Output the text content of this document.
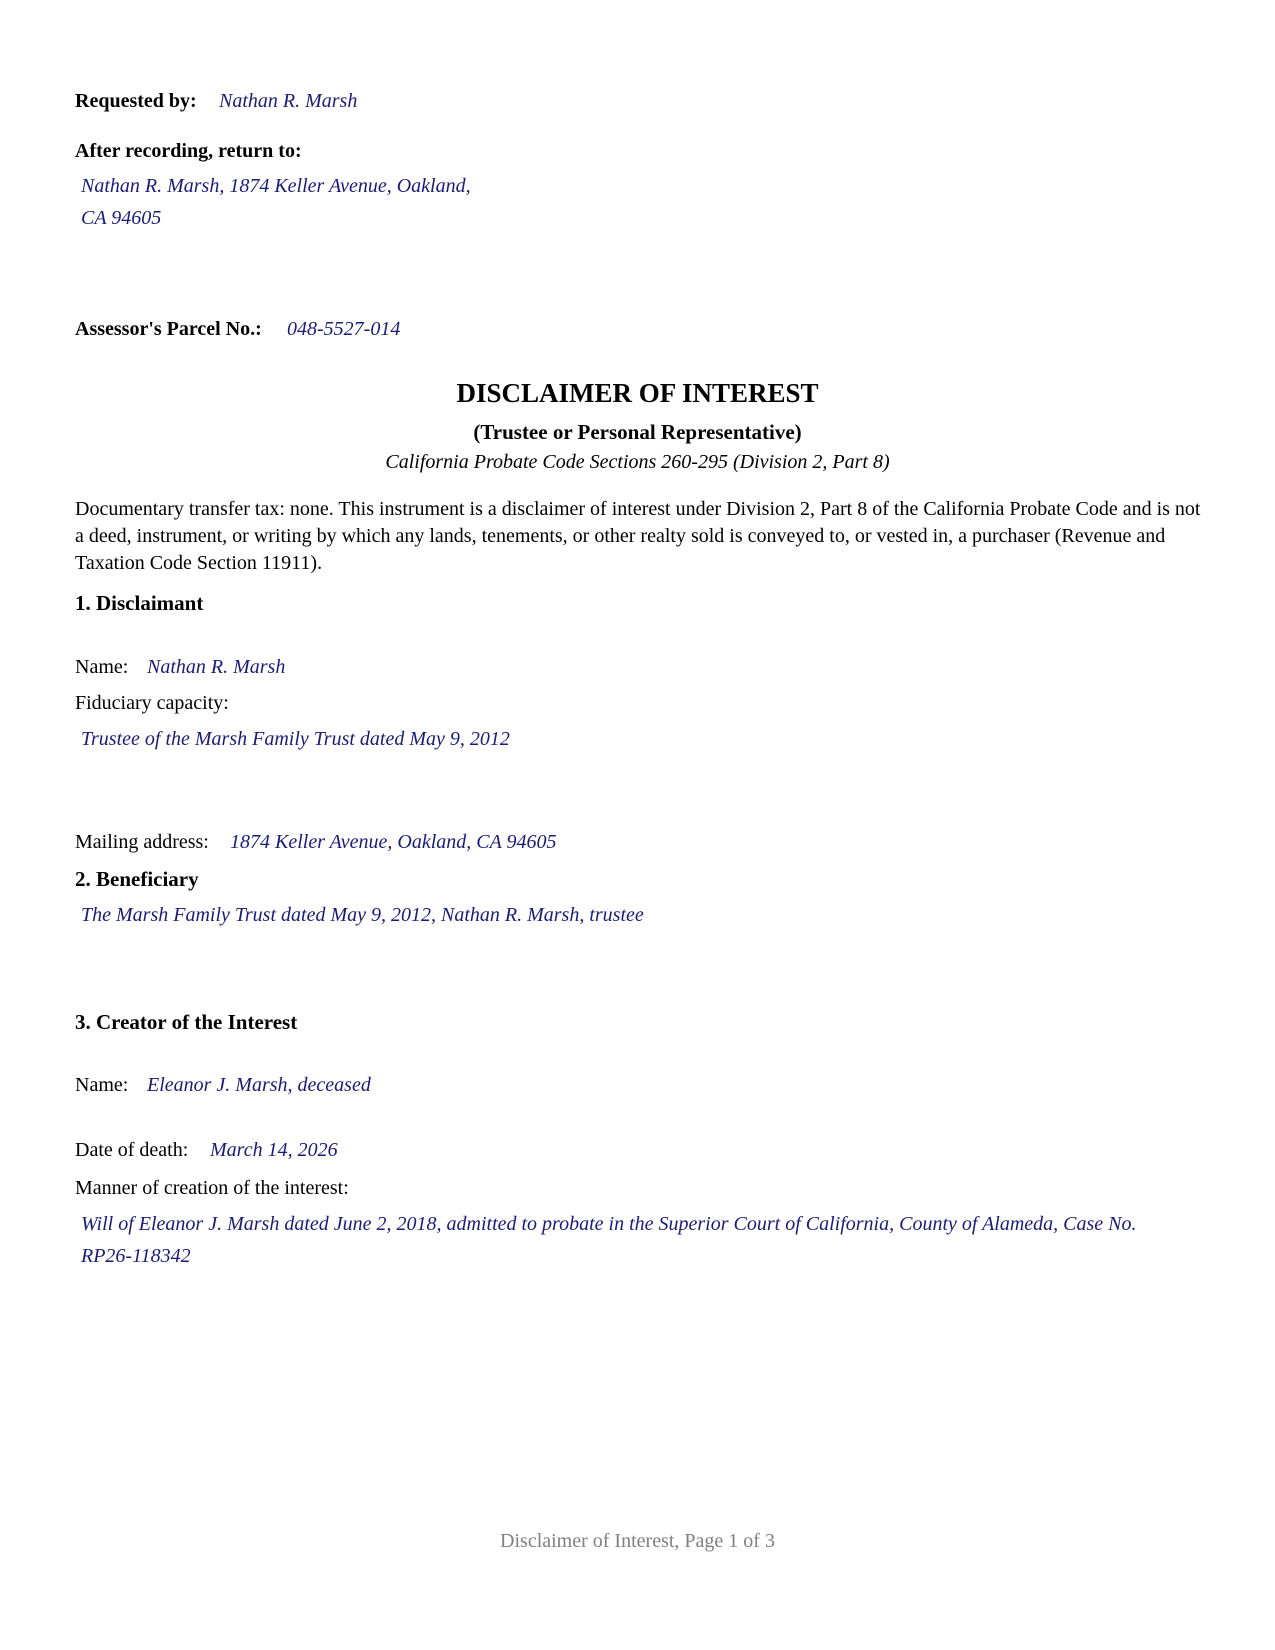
Requested by: Nathan R. Marsh
After recording, return to:
Nathan R. Marsh, 1874 Keller Avenue, Oakland,
CA 94605
Assessor's Parcel No.: 048-5527-014
DISCLAIMER OF INTEREST
(Trustee or Personal Representative)
California Probate Code Sections 260-295 (Division 2, Part 8)
Documentary transfer tax: none. This instrument is a disclaimer of interest under Division 2, Part 8 of the California Probate Code and is not a deed, instrument, or writing by which any lands, tenements, or other realty sold is conveyed to, or vested in, a purchaser (Revenue and Taxation Code Section 11911).
1. Disclaimant
Name: Nathan R. Marsh
Fiduciary capacity:
Trustee of the Marsh Family Trust dated May 9, 2012
Mailing address: 1874 Keller Avenue, Oakland, CA 94605
2. Beneficiary
The Marsh Family Trust dated May 9, 2012, Nathan R. Marsh, trustee
3. Creator of the Interest
Name: Eleanor J. Marsh, deceased
Date of death: March 14, 2026
Manner of creation of the interest:
Will of Eleanor J. Marsh dated June 2, 2018, admitted to probate in the Superior Court of California, County of Alameda, Case No.
RP26-118342
Disclaimer of Interest, Page 1 of 3
